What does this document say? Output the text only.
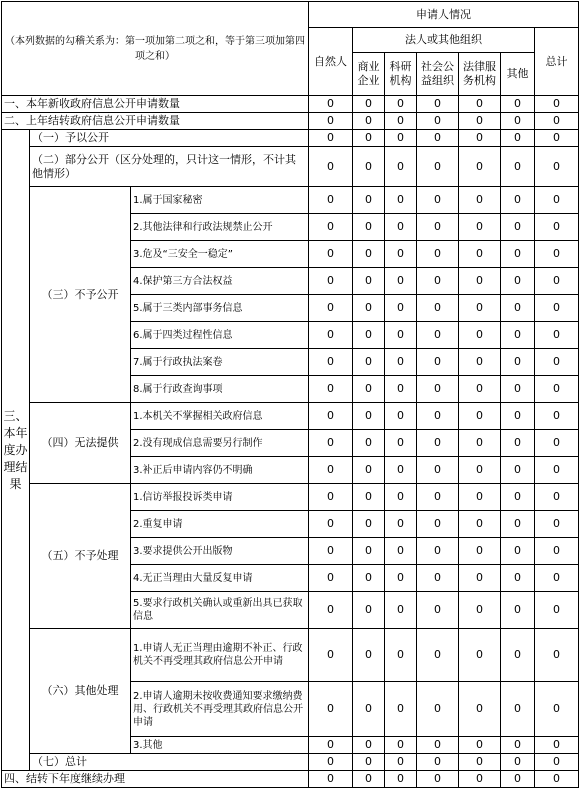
（本列数据的勾稽关系为：第一项加第二项之和，等于第三项加第四项之和）			申请人情况						
			自然人	法人或其他组织					总计
				商业企业	科研机构	社会公益组织	法律服务机构	其他	
一、本年新收政府信息公开申请数量			0	0	0	0	0	0	0
二、上年结转政府信息公开申请数量			0	0	0	0	0	0	0
三、本年度办理结果	（一）予以公开		0	0	0	0	0	0	0
	（二）部分公开（区分处理的，只计这一情形，不计其他情形）		0	0	0	0	0	0	0
	（三）不予公开	1.属于国家秘密	0	0	0	0	0	0	0
		2.其他法律和行政法规禁止公开	0	0	0	0	0	0	0
		3.危及“三安全一稳定”	0	0	0	0	0	0	0
		4.保护第三方合法权益	0	0	0	0	0	0	0
		5.属于三类内部事务信息	0	0	0	0	0	0	0
		6.属于四类过程性信息	0	0	0	0	0	0	0
		7.属于行政执法案卷	0	0	0	0	0	0	0
		8.属于行政查询事项	0	0	0	0	0	0	0
	（四）无法提供	1.本机关不掌握相关政府信息	0	0	0	0	0	0	0
		2.没有现成信息需要另行制作	0	0	0	0	0	0	0
		3.补正后申请内容仍不明确	0	0	0	0	0	0	0
	（五）不予处理	1.信访举报投诉类申请	0	0	0	0	0	0	0
		2.重复申请	0	0	0	0	0	0	0
		3.要求提供公开出版物	0	0	0	0	0	0	0
		4.无正当理由大量反复申请	0	0	0	0	0	0	0
		5.要求行政机关确认或重新出具已获取信息	0	0	0	0	0	0	0
	（六）其他处理	1.申请人无正当理由逾期不补正、行政机关不再受理其政府信息公开申请	0	0	0	0	0	0	0
		2.申请人逾期未按收费通知要求缴纳费用、行政机关不再受理其政府信息公开申请	0	0	0	0	0	0	0
		3.其他	0	0	0	0	0	0	0
	（七）总计		0	0	0	0	0	0	0
四、结转下年度继续办理			0	0	0	0	0	0	0
